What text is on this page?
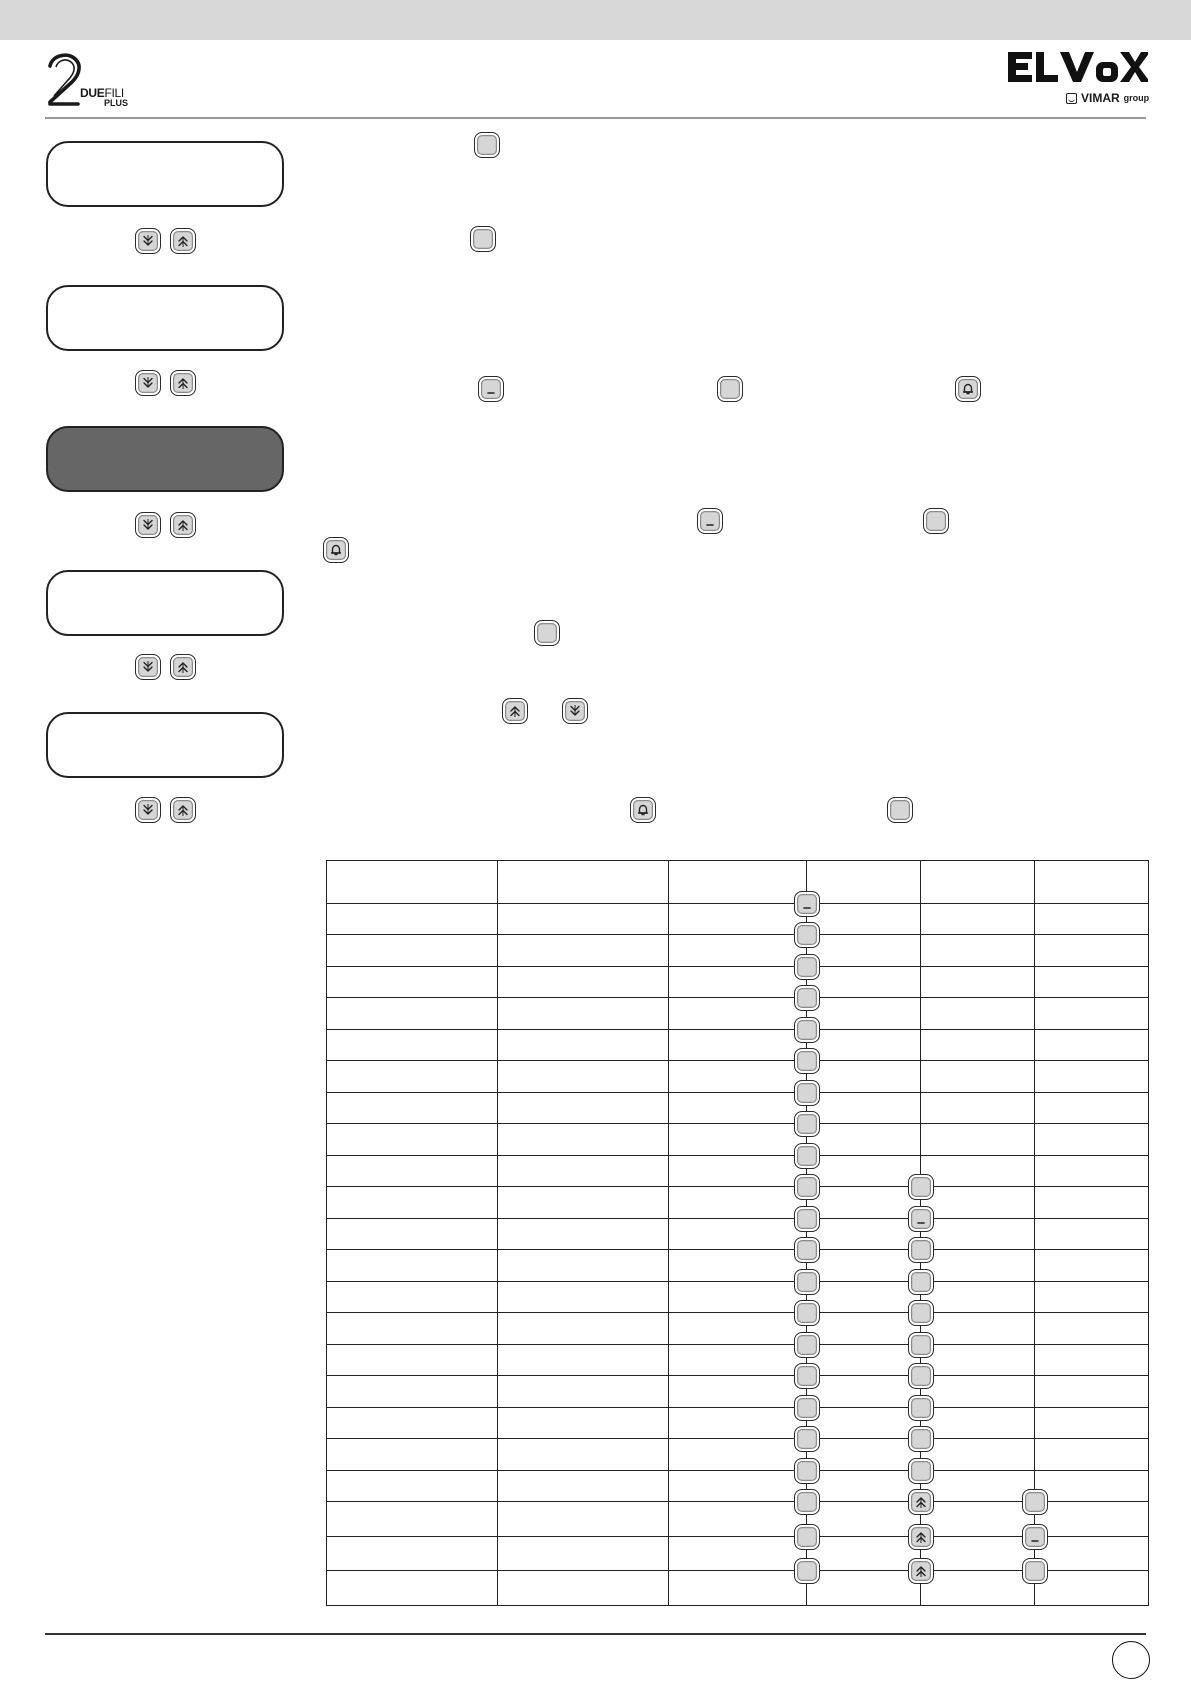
DUEFILI
PLUS	VIMAR group
